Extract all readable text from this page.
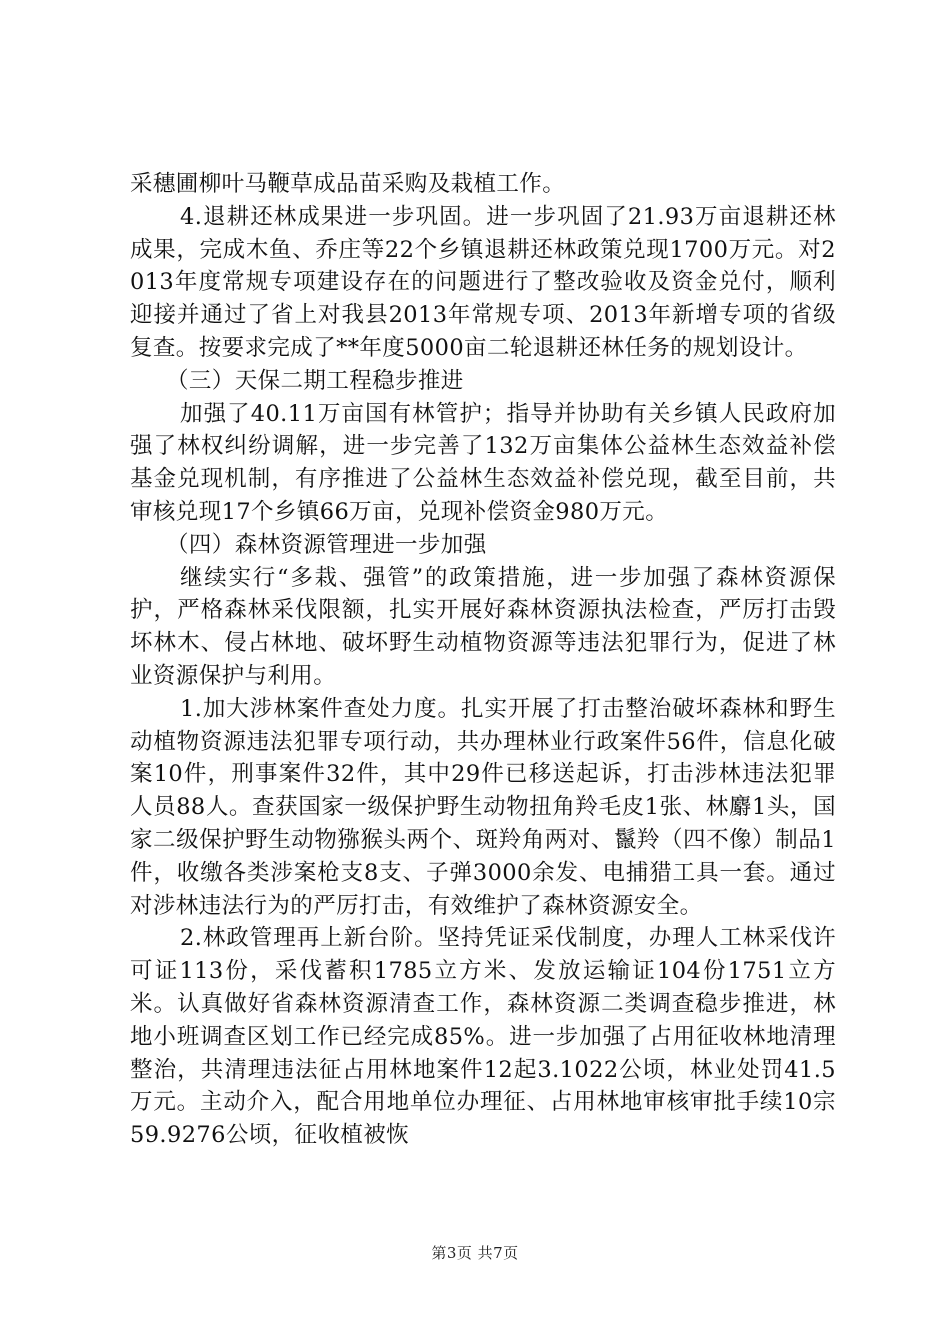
采穗圃柳叶马鞭草成品苗采购及栽植工作。

4.退耕还林成果进一步巩固。进一步巩固了21.93万亩退耕还林成果，完成木鱼、乔庄等22个乡镇退耕还林政策兑现1700万元。对2013年度常规专项建设存在的问题进行了整改验收及资金兑付，顺利迎接并通过了省上对我县2013年常规专项、2013年新增专项的省级复查。按要求完成了**年度5000亩二轮退耕还林任务的规划设计。

（三）天保二期工程稳步推进

加强了40.11万亩国有林管护；指导并协助有关乡镇人民政府加强了林权纠纷调解，进一步完善了132万亩集体公益林生态效益补偿基金兑现机制，有序推进了公益林生态效益补偿兑现，截至目前，共审核兑现17个乡镇66万亩，兑现补偿资金980万元。

（四）森林资源管理进一步加强

继续实行“多栽、强管”的政策措施，进一步加强了森林资源保护，严格森林采伐限额，扎实开展好森林资源执法检查，严厉打击毁坏林木、侵占林地、破坏野生动植物资源等违法犯罪行为，促进了林业资源保护与利用。

1.加大涉林案件查处力度。扎实开展了打击整治破坏森林和野生动植物资源违法犯罪专项行动，共办理林业行政案件56件，信息化破案10件，刑事案件32件，其中29件已移送起诉，打击涉林违法犯罪人员88人。查获国家一级保护野生动物扭角羚毛皮1张、林麝1头，国家二级保护野生动物猕猴头两个、斑羚角两对、鬣羚（四不像）制品1件，收缴各类涉案枪支8支、子弹3000余发、电捕猎工具一套。通过对涉林违法行为的严厉打击，有效维护了森林资源安全。

2.林政管理再上新台阶。坚持凭证采伐制度，办理人工林采伐许可证113份，采伐蓄积1785立方米、发放运输证104份1751立方米。认真做好省森林资源清查工作，森林资源二类调查稳步推进，林地小班调查区划工作已经完成85%。进一步加强了占用征收林地清理整治，共清理违法征占用林地案件12起3.1022公顷，林业处罚41.5万元。主动介入，配合用地单位办理征、占用林地审核审批手续10宗59.9276公顷，征收植被恢

第3页 共7页
